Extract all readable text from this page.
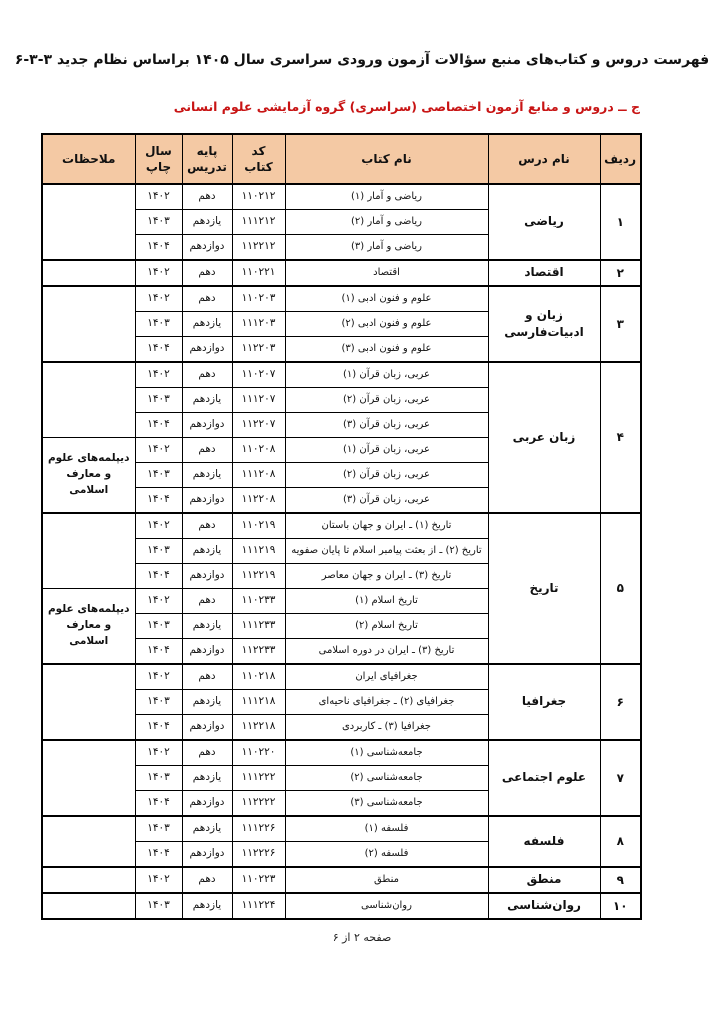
فهرست دروس و کتاب‌های منبع سؤالات آزمون ورودی سراسری سال ۱۴۰۵ براساس نظام جدید ۳-۳-۶
ج ــ دروس و منابع آزمون اختصاصی (سراسری) گروه آزمایشی علوم انسانی
ردیف	نام درس	نام کتاب	کد کتاب	پایه تدریس	سال چاپ	ملاحظات
۱	ریاضی	ریاضی و آمار (۱)	۱۱۰۲۱۲	دهم	۱۴۰۲	
		ریاضی و آمار (۲)	۱۱۱۲۱۲	یازدهم	۱۴۰۳	
		ریاضی و آمار (۳)	۱۱۲۲۱۲	دوازدهم	۱۴۰۴	
۲	اقتصاد	اقتصاد	۱۱۰۲۲۱	دهم	۱۴۰۲	
۳	زبان و ادبیات‌فارسی	علوم و فنون ادبی (۱)	۱۱۰۲۰۳	دهم	۱۴۰۲	
		علوم و فنون ادبی (۲)	۱۱۱۲۰۳	یازدهم	۱۴۰۳	
		علوم و فنون ادبی (۳)	۱۱۲۲۰۳	دوازدهم	۱۴۰۴	
۴	زبان عربی	عربی، زبان قرآن (۱)	۱۱۰۲۰۷	دهم	۱۴۰۲	
		عربی، زبان قرآن (۲)	۱۱۱۲۰۷	یازدهم	۱۴۰۳	
		عربی، زبان قرآن (۳)	۱۱۲۲۰۷	دوازدهم	۱۴۰۴	
		عربی، زبان قرآن (۱)	۱۱۰۲۰۸	دهم	۱۴۰۲	دیپلمه‌های علوم و معارف اسلامی
		عربی، زبان قرآن (۲)	۱۱۱۲۰۸	یازدهم	۱۴۰۳	
		عربی، زبان قرآن (۳)	۱۱۲۲۰۸	دوازدهم	۱۴۰۴	
۵	تاریخ	تاریخ (۱) ـ ایران و جهان باستان	۱۱۰۲۱۹	دهم	۱۴۰۲	
		تاریخ (۲) ـ از بعثت پیامبر اسلام تا پایان صفویه	۱۱۱۲۱۹	یازدهم	۱۴۰۳	
		تاریخ (۳) ـ ایران و جهان معاصر	۱۱۲۲۱۹	دوازدهم	۱۴۰۴	
		تاریخ اسلام (۱)	۱۱۰۲۳۳	دهم	۱۴۰۲	دیپلمه‌های علوم و معارف اسلامی
		تاریخ اسلام (۲)	۱۱۱۲۳۳	یازدهم	۱۴۰۳	
		تاریخ (۳) ـ ایران در دوره اسلامی	۱۱۲۲۳۳	دوازدهم	۱۴۰۴	
۶	جغرافیا	جغرافیای ایران	۱۱۰۲۱۸	دهم	۱۴۰۲	
		جغرافیای (۲) ـ جغرافیای ناحیه‌ای	۱۱۱۲۱۸	یازدهم	۱۴۰۳	
		جغرافیا (۳) ـ کاربردی	۱۱۲۲۱۸	دوازدهم	۱۴۰۴	
۷	علوم اجتماعی	جامعه‌شناسی (۱)	۱۱۰۲۲۰	دهم	۱۴۰۲	
		جامعه‌شناسی (۲)	۱۱۱۲۲۲	یازدهم	۱۴۰۳	
		جامعه‌شناسی (۳)	۱۱۲۲۲۲	دوازدهم	۱۴۰۴	
۸	فلسفه	فلسفه (۱)	۱۱۱۲۲۶	یازدهم	۱۴۰۳	
		فلسفه (۲)	۱۱۲۲۲۶	دوازدهم	۱۴۰۴	
۹	منطق	منطق	۱۱۰۲۲۳	دهم	۱۴۰۲	
۱۰	روان‌شناسی	روان‌شناسی	۱۱۱۲۲۴	یازدهم	۱۴۰۳	
صفحه ۲ از ۶
